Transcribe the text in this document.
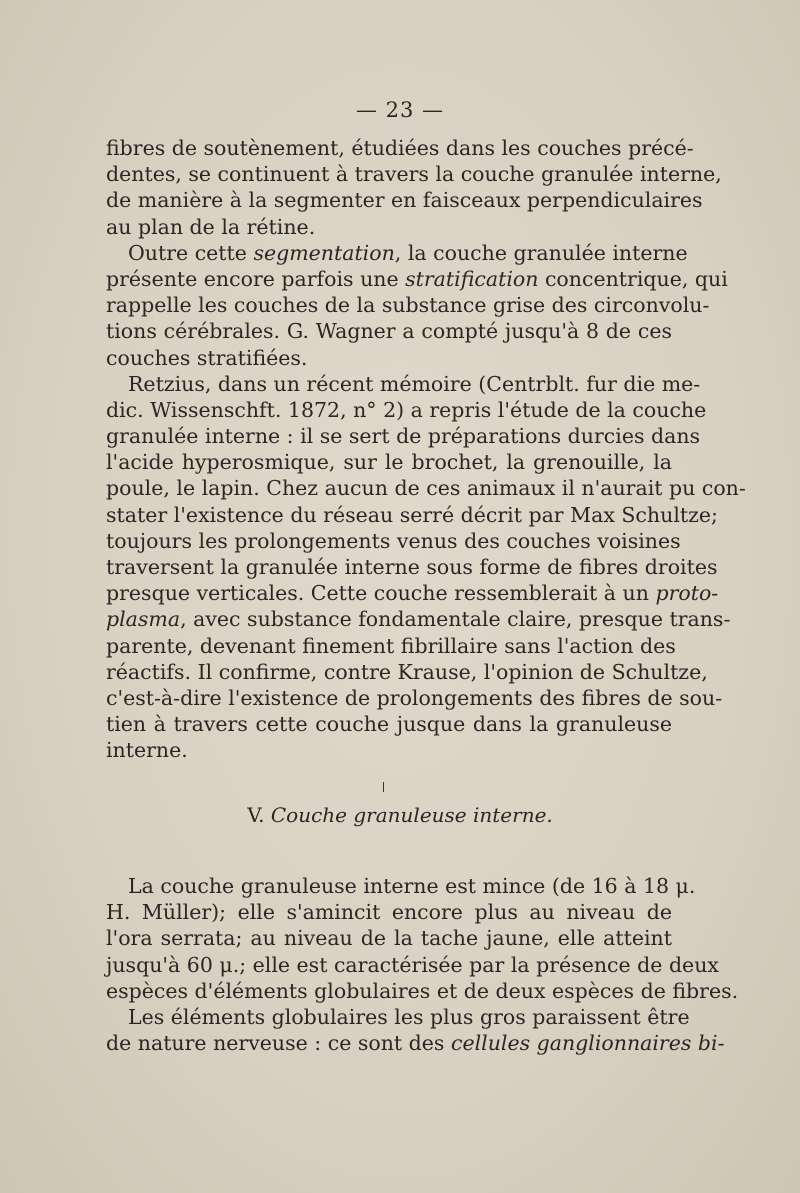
— 23 —
fibres de soutènement, étudiées dans les couches précé-
dentes, se continuent à travers la couche granulée interne,
de manière à la segmenter en faisceaux perpendiculaires
au plan de la rétine.
Outre cette segmentation, la couche granulée interne
présente encore parfois une stratification concentrique, qui
rappelle les couches de la substance grise des circonvolu-
tions cérébrales. G. Wagner a compté jusqu'à 8 de ces
couches stratifiées.
Retzius, dans un récent mémoire (Centrblt. fur die me-
dic. Wissenschft. 1872, n° 2) a repris l'étude de la couche
granulée interne : il se sert de préparations durcies dans
l'acide hyperosmique, sur le brochet, la grenouille, la
poule, le lapin. Chez aucun de ces animaux il n'aurait pu con-
stater l'existence du réseau serré décrit par Max Schultze;
toujours les prolongements venus des couches voisines
traversent la granulée interne sous forme de fibres droites
presque verticales. Cette couche ressemblerait à un proto-
plasma, avec substance fondamentale claire, presque trans-
parente, devenant finement fibrillaire sans l'action des
réactifs. Il confirme, contre Krause, l'opinion de Schultze,
c'est-à-dire l'existence de prolongements des fibres de sou-
tien à travers cette couche jusque dans la granuleuse
interne.
V. Couche granuleuse interne.
La couche granuleuse interne est mince (de 16 à 18 μ.
H. Müller); elle s'amincit encore plus au niveau de
l'ora serrata; au niveau de la tache jaune, elle atteint
jusqu'à 60 μ.; elle est caractérisée par la présence de deux
espèces d'éléments globulaires et de deux espèces de fibres.
Les éléments globulaires les plus gros paraissent être
de nature nerveuse : ce sont des cellules ganglionnaires bi-
